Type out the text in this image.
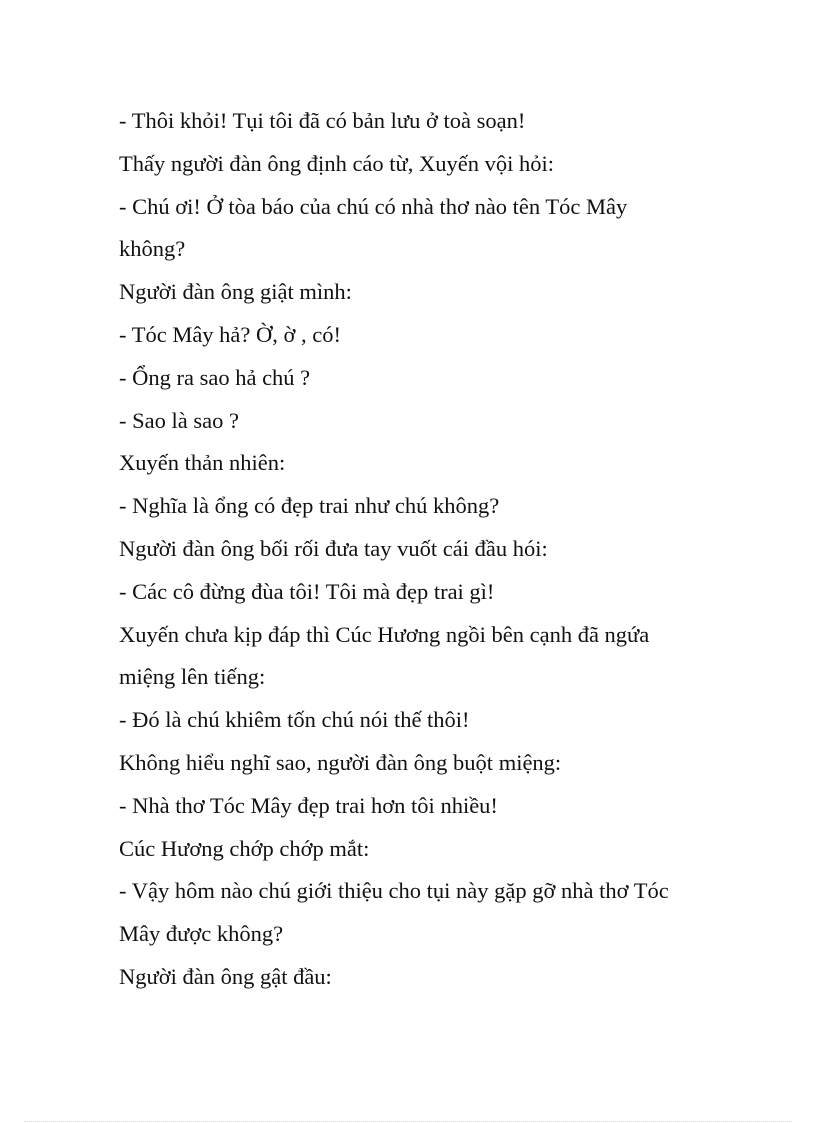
- Thôi khỏi! Tụi tôi đã có bản lưu ở toà soạn!
Thấy người đàn ông định cáo từ, Xuyến vội hỏi:
- Chú ơi! Ở tòa báo của chú có nhà thơ nào tên Tóc Mây
không?
Người đàn ông giật mình:
- Tóc Mây hả? Ờ, ờ , có!
- Ổng ra sao hả chú ?
- Sao là sao ?
Xuyến thản nhiên:
- Nghĩa là ổng có đẹp trai như chú không?
Người đàn ông bối rối đưa tay vuốt cái đầu hói:
- Các cô đừng đùa tôi! Tôi mà đẹp trai gì!
Xuyến chưa kịp đáp thì Cúc Hương ngồi bên cạnh đã ngứa
miệng lên tiếng:
- Đó là chú khiêm tốn chú nói thế thôi!
Không hiểu nghĩ sao, người đàn ông buột miệng:
- Nhà thơ Tóc Mây đẹp trai hơn tôi nhiều!
Cúc Hương chớp chớp mắt:
- Vậy hôm nào chú giới thiệu cho tụi này gặp gỡ nhà thơ Tóc
Mây được không?
Người đàn ông gật đầu:
